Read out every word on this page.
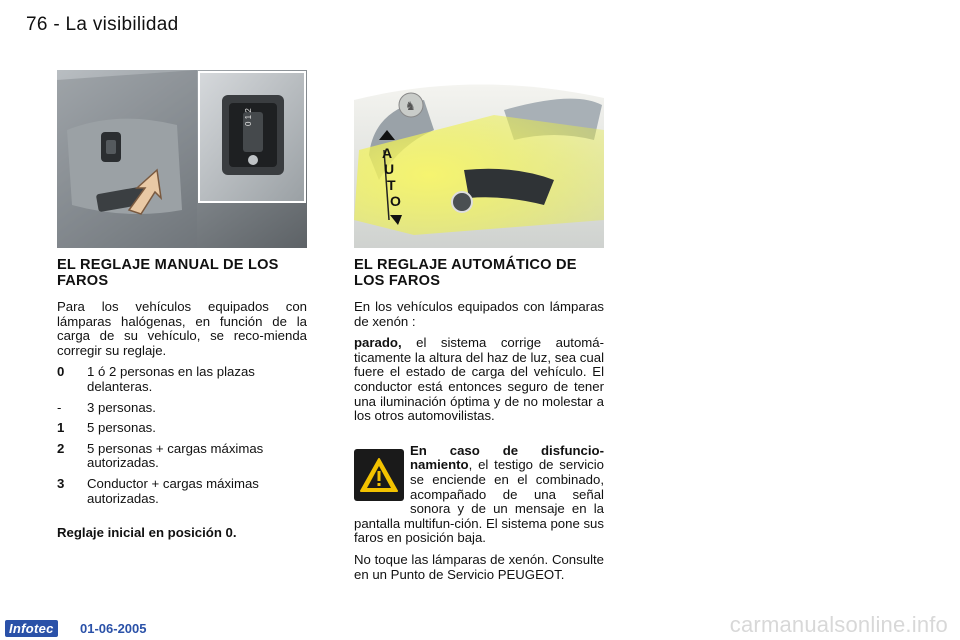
76 - La visibilidad
0 1 2
♞
A
U
T
O
EL REGLAJE MANUAL DE LOS FAROS

Para los vehículos equipados con lámparas halógenas, en función de la carga de su vehículo, se reco-mienda corregir su reglaje.

0	1 ó 2 personas en las plazas delanteras.
-	3 personas.
1	5 personas.
2	5 personas + cargas máximas autorizadas.
3	Conductor + cargas máximas autorizadas.
Reglaje inicial en posición 0.
EL REGLAJE AUTOMÁTICO DE LOS FAROS

En los vehículos equipados con lámparas de xenón :

parado, el sistema corrige automá-ticamente la altura del haz de luz, sea cual fuere el estado de carga del vehículo. El conductor está entonces seguro de tener una iluminación óptima y de no molestar a los otros automovilistas.

En caso de disfuncio-namiento, el testigo de servicio se enciende en el combinado, acompañado de una señal sonora y de un mensaje en la pantalla multifun-ción. El sistema pone sus faros en posición baja.

No toque las lámparas de xenón. Consulte en un Punto de Servicio PEUGEOT.

Infotec	01-06-2005	carmanualsonline.info
